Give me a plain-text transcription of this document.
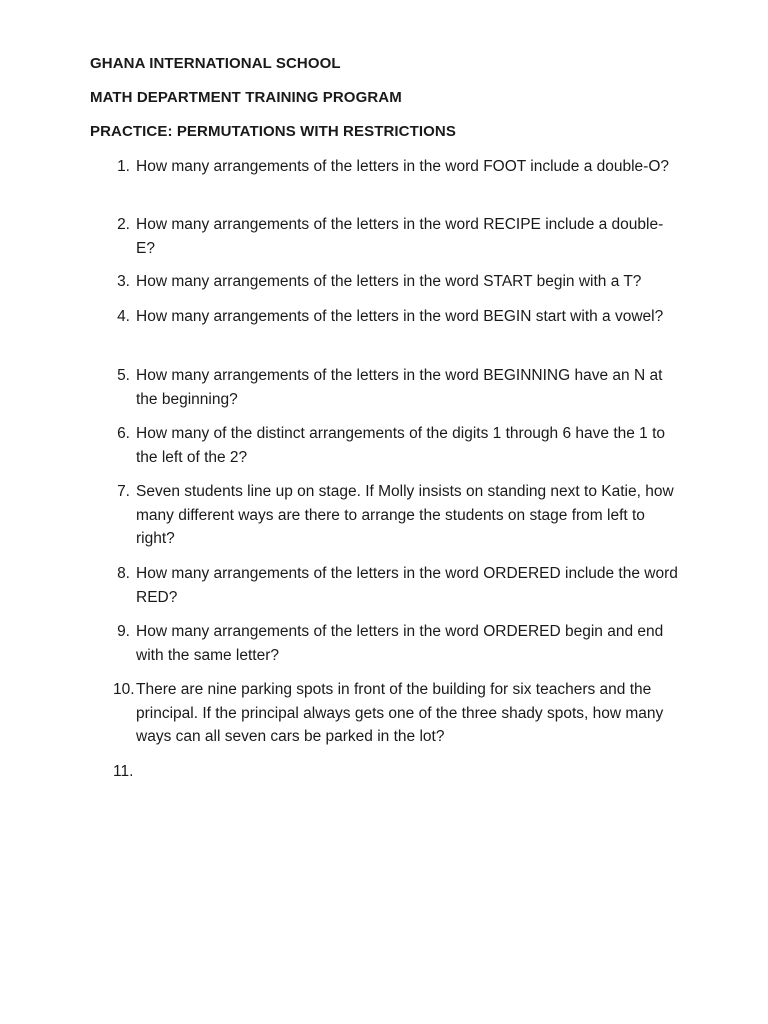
GHANA INTERNATIONAL SCHOOL
MATH DEPARTMENT TRAINING PROGRAM
PRACTICE: PERMUTATIONS WITH RESTRICTIONS
1. How many arrangements of the letters in the word FOOT include a double-O?
2. How many arrangements of the letters in the word RECIPE include a double-E?
3. How many arrangements of the letters in the word START begin with a T?
4. How many arrangements of the letters in the word BEGIN start with a vowel?
5. How many arrangements of the letters in the word BEGINNING have an N at the beginning?
6. How many of the distinct arrangements of the digits 1 through 6 have the 1 to the left of the 2?
7. Seven students line up on stage. If Molly insists on standing next to Katie, how many different ways are there to arrange the students on stage from left to right?
8. How many arrangements of the letters in the word ORDERED include the word RED?
9. How many arrangements of the letters in the word ORDERED begin and end with the same letter?
10. There are nine parking spots in front of the building for six teachers and the principal. If the principal always gets one of the three shady spots, how many ways can all seven cars be parked in the lot?
11.
